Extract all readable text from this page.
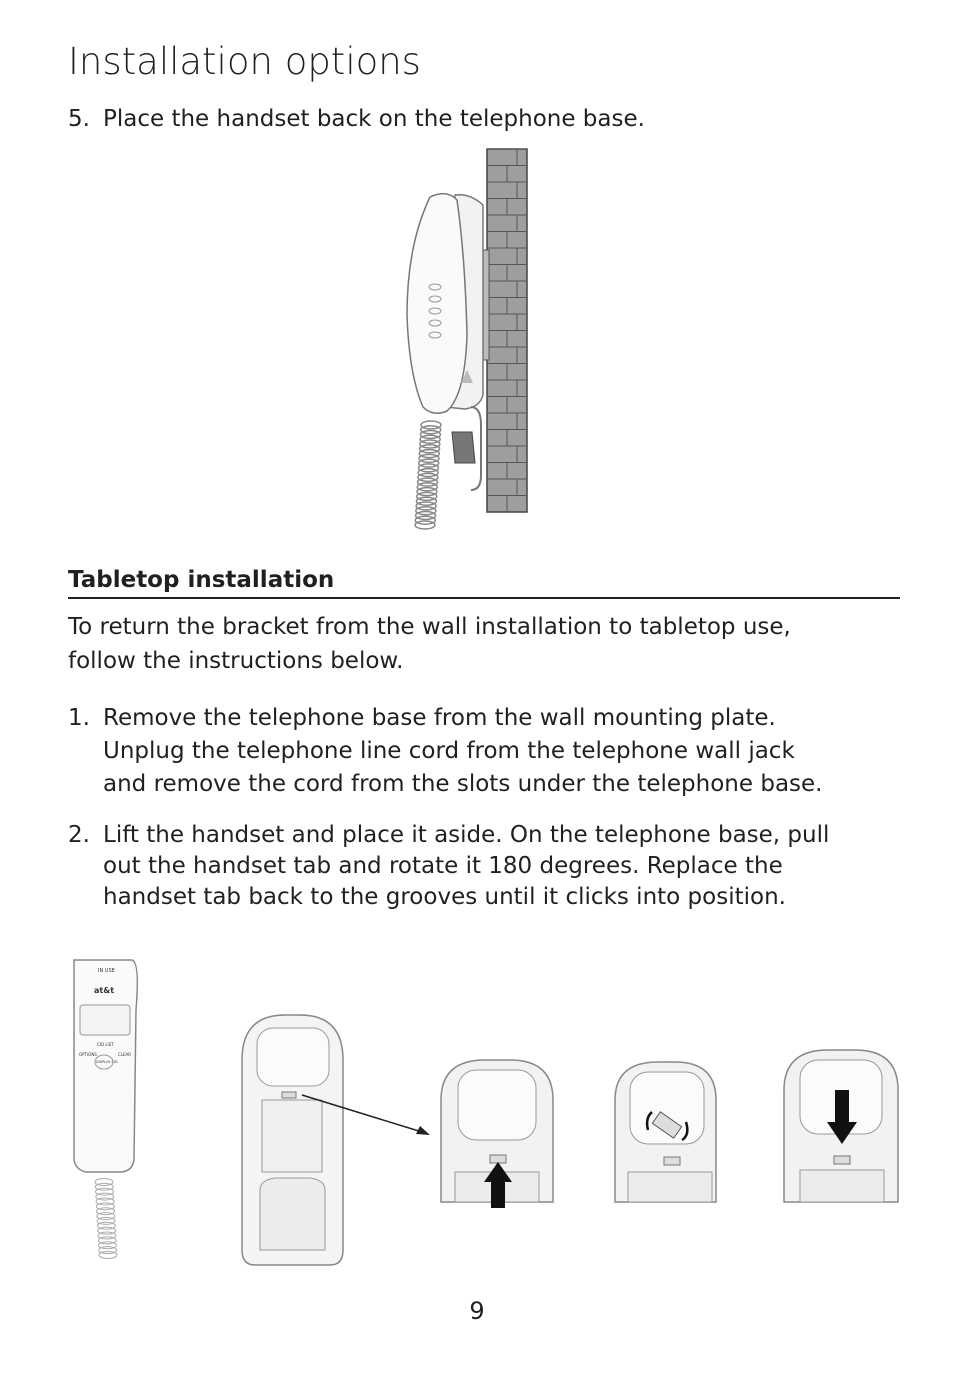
Installation options
5. Place the handset back on the telephone base.
Tabletop installation
To return the bracket from the wall installation to tabletop use,
follow the instructions below.
1. Remove the telephone base from the wall mounting plate.
Unplug the telephone line cord from the telephone wall jack
and remove the cord from the slots under the telephone base.
2. Lift the handset and place it aside. On the telephone base, pull
out the handset tab and rotate it 180 degrees. Replace the
handset tab back to the grooves until it clicks into position.
IN USE
at&t
CID LIST
OPTIONS	CLEAR
DISPLAY CID
9
